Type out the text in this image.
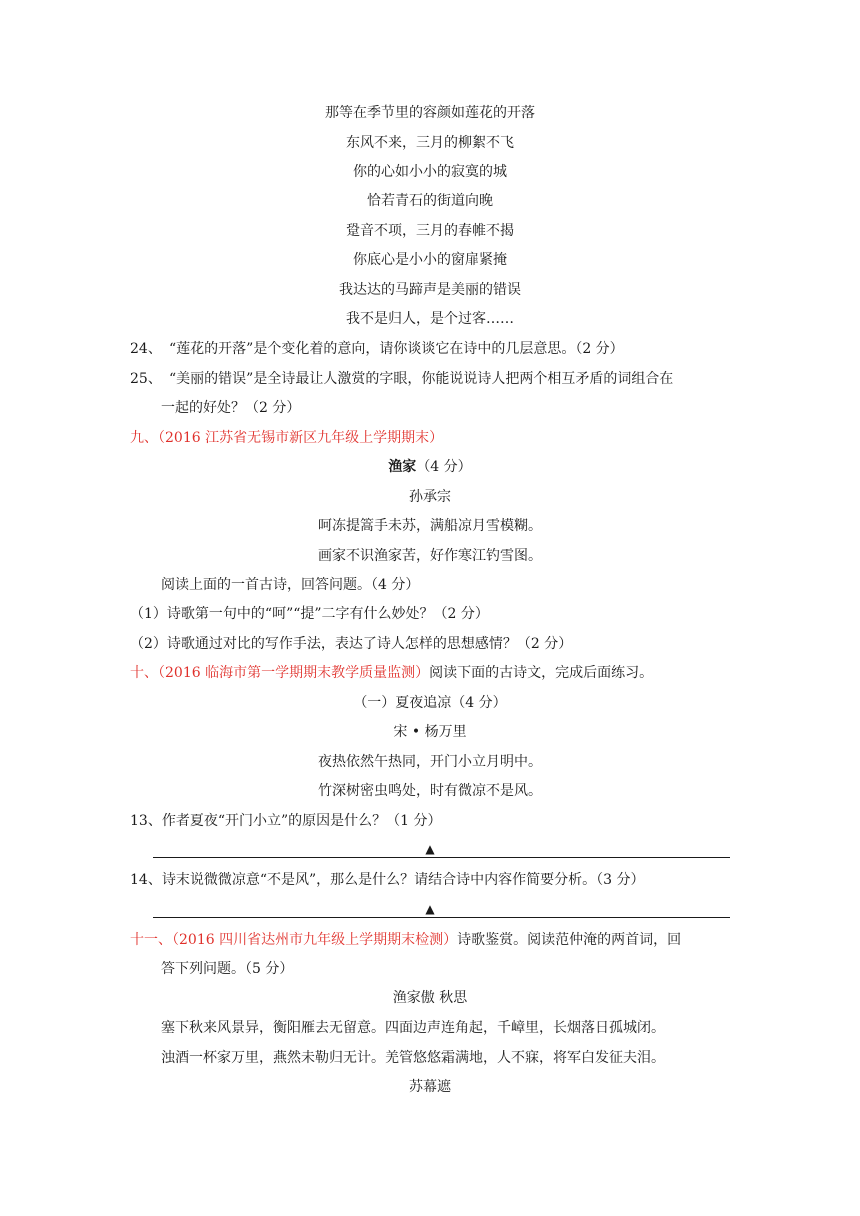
那等在季节里的容颜如莲花的开落
东风不来，三月的柳絮不飞
你的心如小小的寂寞的城
恰若青石的街道向晚
跫音不项，三月的春帷不揭
你底心是小小的窗扉紧掩
我达达的马蹄声是美丽的错误
我不是归人，是个过客……
24、 “莲花的开落”是个变化着的意向，请你谈谈它在诗中的几层意思。（2 分）
25、 “美丽的错误”是全诗最让人激赏的字眼，你能说说诗人把两个相互矛盾的词组合在
一起的好处？（2 分）
九、（2016 江苏省无锡市新区九年级上学期期末）
渔家（4 分）
孙承宗
呵冻提篙手未苏，满船凉月雪模糊。
画家不识渔家苦，好作寒江钓雪图。
阅读上面的一首古诗，回答问题。（4 分）
（1）诗歌第一句中的“呵”“提”二字有什么妙处？（2 分）
（2）诗歌通过对比的写作手法，表达了诗人怎样的思想感情？（2 分）
十、（2016 临海市第一学期期末教学质量监测）阅读下面的古诗文，完成后面练习。
（一）夏夜追凉（4 分）
宋 • 杨万里
夜热依然午热同，开门小立月明中。
竹深树密虫鸣处，时有微凉不是风。
13、作者夏夜“开门小立”的原因是什么？（1 分）
▲
14、诗末说微微凉意“不是风”，那么是什么？请结合诗中内容作简要分析。（3 分）
▲
十一、（2016 四川省达州市九年级上学期期末检测）诗歌鉴赏。阅读范仲淹的两首词，回
答下列问题。（5 分）
渔家傲 秋思
塞下秋来风景异，衡阳雁去无留意。四面边声连角起，千嶂里，长烟落日孤城闭。
浊酒一杯家万里，燕然未勒归无计。羌管悠悠霜满地，人不寐，将军白发征夫泪。
苏幕遮
